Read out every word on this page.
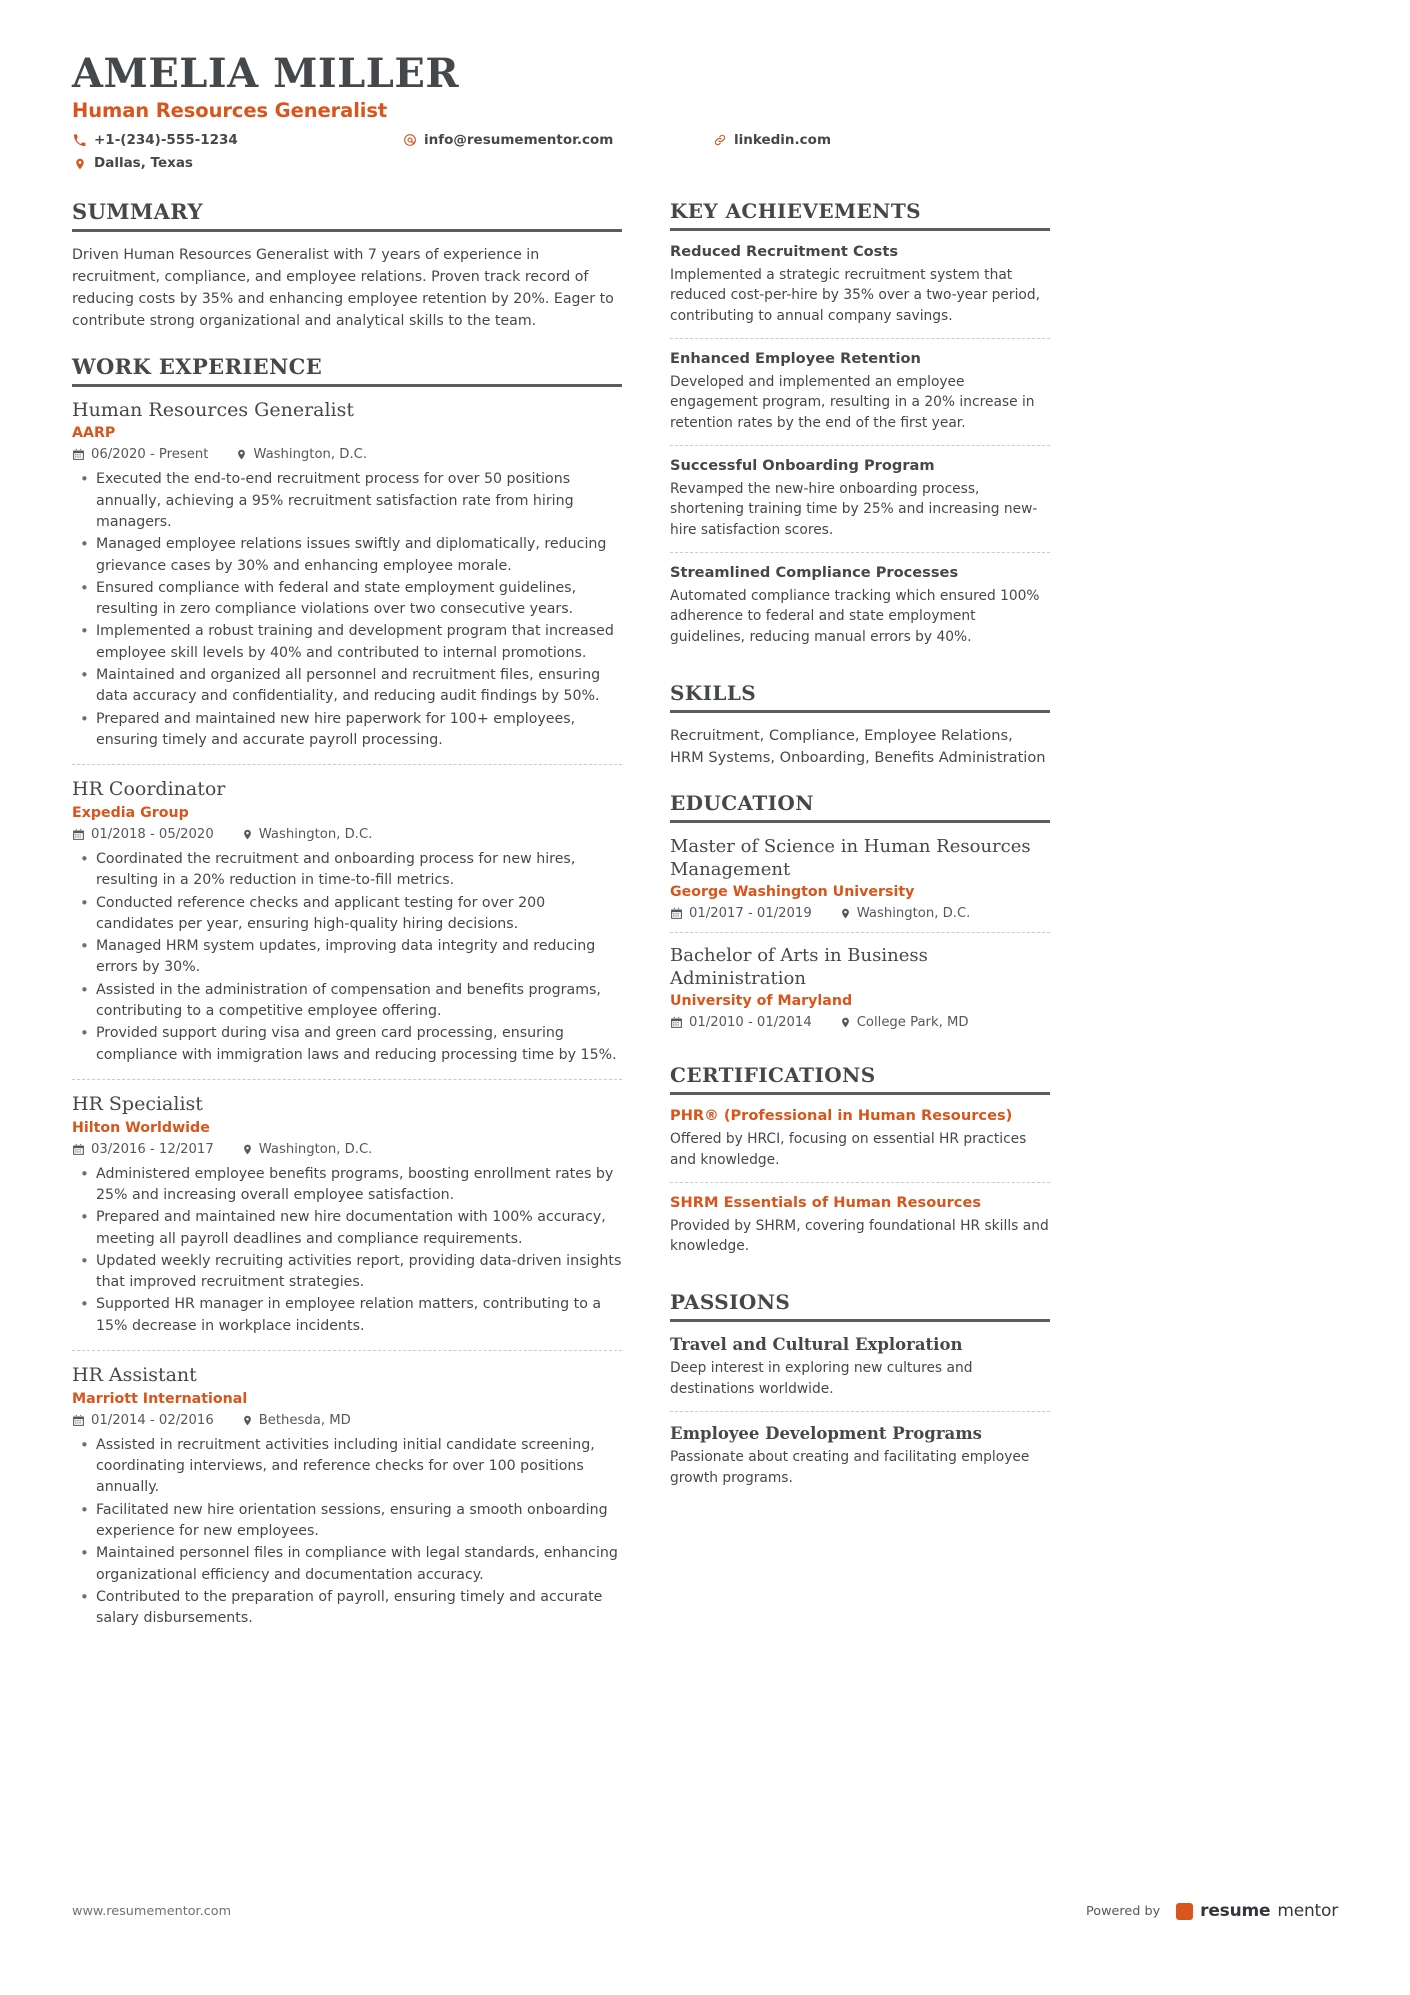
AMELIA MILLER
Human Resources Generalist
+1-(234)-555-1234	info@resumementor.com	linkedin.com
Dallas, Texas
SUMMARY
Driven Human Resources Generalist with 7 years of experience in recruitment, compliance, and employee relations. Proven track record of reducing costs by 35% and enhancing employee retention by 20%. Eager to contribute strong organizational and analytical skills to the team.
WORK EXPERIENCE
Human Resources Generalist
AARP
06/2020 - Present	Washington, D.C.
• Executed the end-to-end recruitment process for over 50 positions annually, achieving a 95% recruitment satisfaction rate from hiring managers.
• Managed employee relations issues swiftly and diplomatically, reducing grievance cases by 30% and enhancing employee morale.
• Ensured compliance with federal and state employment guidelines, resulting in zero compliance violations over two consecutive years.
• Implemented a robust training and development program that increased employee skill levels by 40% and contributed to internal promotions.
• Maintained and organized all personnel and recruitment files, ensuring data accuracy and confidentiality, and reducing audit findings by 50%.
• Prepared and maintained new hire paperwork for 100+ employees, ensuring timely and accurate payroll processing.
HR Coordinator
Expedia Group
01/2018 - 05/2020	Washington, D.C.
• Coordinated the recruitment and onboarding process for new hires, resulting in a 20% reduction in time-to-fill metrics.
• Conducted reference checks and applicant testing for over 200 candidates per year, ensuring high-quality hiring decisions.
• Managed HRM system updates, improving data integrity and reducing errors by 30%.
• Assisted in the administration of compensation and benefits programs, contributing to a competitive employee offering.
• Provided support during visa and green card processing, ensuring compliance with immigration laws and reducing processing time by 15%.
HR Specialist
Hilton Worldwide
03/2016 - 12/2017	Washington, D.C.
• Administered employee benefits programs, boosting enrollment rates by 25% and increasing overall employee satisfaction.
• Prepared and maintained new hire documentation with 100% accuracy, meeting all payroll deadlines and compliance requirements.
• Updated weekly recruiting activities report, providing data-driven insights that improved recruitment strategies.
• Supported HR manager in employee relation matters, contributing to a 15% decrease in workplace incidents.
HR Assistant
Marriott International
01/2014 - 02/2016	Bethesda, MD
• Assisted in recruitment activities including initial candidate screening, coordinating interviews, and reference checks for over 100 positions annually.
• Facilitated new hire orientation sessions, ensuring a smooth onboarding experience for new employees.
• Maintained personnel files in compliance with legal standards, enhancing organizational efficiency and documentation accuracy.
• Contributed to the preparation of payroll, ensuring timely and accurate salary disbursements.
KEY ACHIEVEMENTS
Reduced Recruitment Costs
Implemented a strategic recruitment system that reduced cost-per-hire by 35% over a two-year period, contributing to annual company savings.
Enhanced Employee Retention
Developed and implemented an employee engagement program, resulting in a 20% increase in retention rates by the end of the first year.
Successful Onboarding Program
Revamped the new-hire onboarding process, shortening training time by 25% and increasing new-hire satisfaction scores.
Streamlined Compliance Processes
Automated compliance tracking which ensured 100% adherence to federal and state employment guidelines, reducing manual errors by 40%.
SKILLS
Recruitment, Compliance, Employee Relations, HRM Systems, Onboarding, Benefits Administration
EDUCATION
Master of Science in Human Resources Management
George Washington University
01/2017 - 01/2019	Washington, D.C.
Bachelor of Arts in Business Administration
University of Maryland
01/2010 - 01/2014	College Park, MD
CERTIFICATIONS
PHR® (Professional in Human Resources)
Offered by HRCI, focusing on essential HR practices and knowledge.
SHRM Essentials of Human Resources
Provided by SHRM, covering foundational HR skills and knowledge.
PASSIONS
Travel and Cultural Exploration
Deep interest in exploring new cultures and destinations worldwide.
Employee Development Programs
Passionate about creating and facilitating employee growth programs.
www.resumementor.com	Powered by resume mentor
